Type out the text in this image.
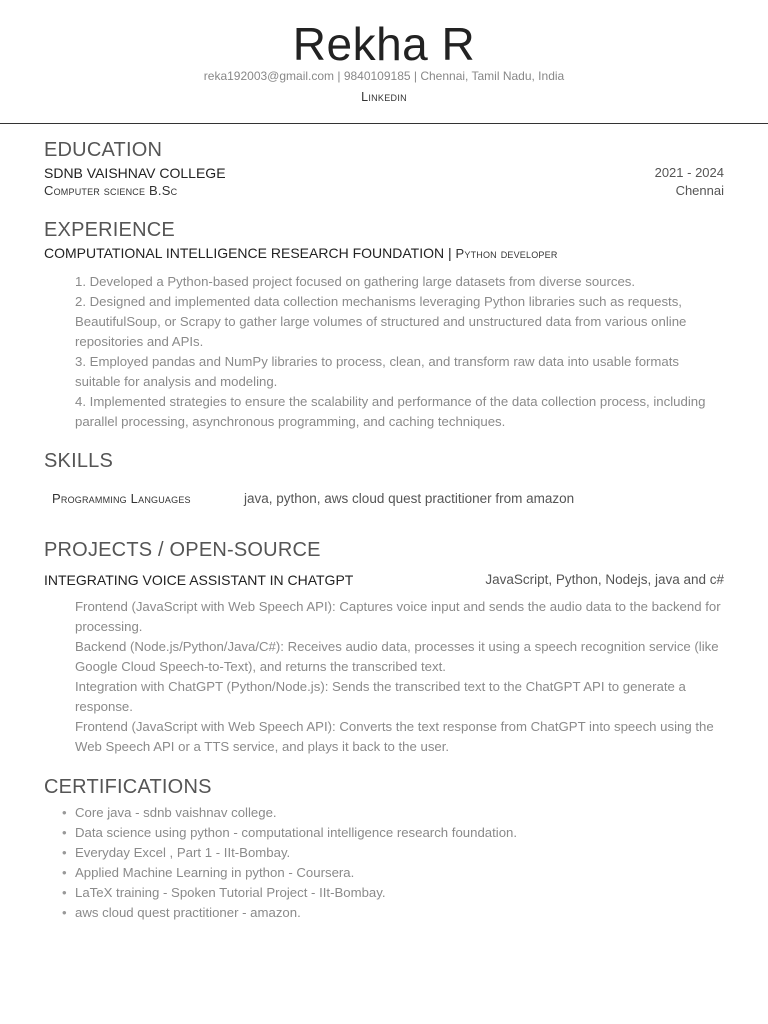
Rekha R
reka192003@gmail.com | 9840109185 | Chennai, Tamil Nadu, India
Linkedin
EDUCATION
SDNB VAISHNAV COLLEGE	2021 - 2024
Computer science B.Sc	Chennai
EXPERIENCE
COMPUTATIONAL INTELLIGENCE RESEARCH FOUNDATION | Python developer
1. Developed a Python-based project focused on gathering large datasets from diverse sources.
2. Designed and implemented data collection mechanisms leveraging Python libraries such as requests, BeautifulSoup, or Scrapy to gather large volumes of structured and unstructured data from various online repositories and APIs.
3. Employed pandas and NumPy libraries to process, clean, and transform raw data into usable formats suitable for analysis and modeling.
4. Implemented strategies to ensure the scalability and performance of the data collection process, including parallel processing, asynchronous programming, and caching techniques.
SKILLS
Programming Languages	java, python, aws cloud quest practitioner from amazon
PROJECTS / OPEN-SOURCE
INTEGRATING VOICE ASSISTANT IN CHATGPT	JavaScript, Python, Nodejs, java and c#
Frontend (JavaScript with Web Speech API): Captures voice input and sends the audio data to the backend for processing.
Backend (Node.js/Python/Java/C#): Receives audio data, processes it using a speech recognition service (like Google Cloud Speech-to-Text), and returns the transcribed text.
Integration with ChatGPT (Python/Node.js): Sends the transcribed text to the ChatGPT API to generate a response.
Frontend (JavaScript with Web Speech API): Converts the text response from ChatGPT into speech using the Web Speech API or a TTS service, and plays it back to the user.
CERTIFICATIONS
• Core java - sdnb vaishnav college.
• Data science using python - computational intelligence research foundation.
• Everyday Excel , Part 1 - IIt-Bombay.
• Applied Machine Learning in python - Coursera.
• LaTeX training - Spoken Tutorial Project - IIt-Bombay.
• aws cloud quest practitioner - amazon.
